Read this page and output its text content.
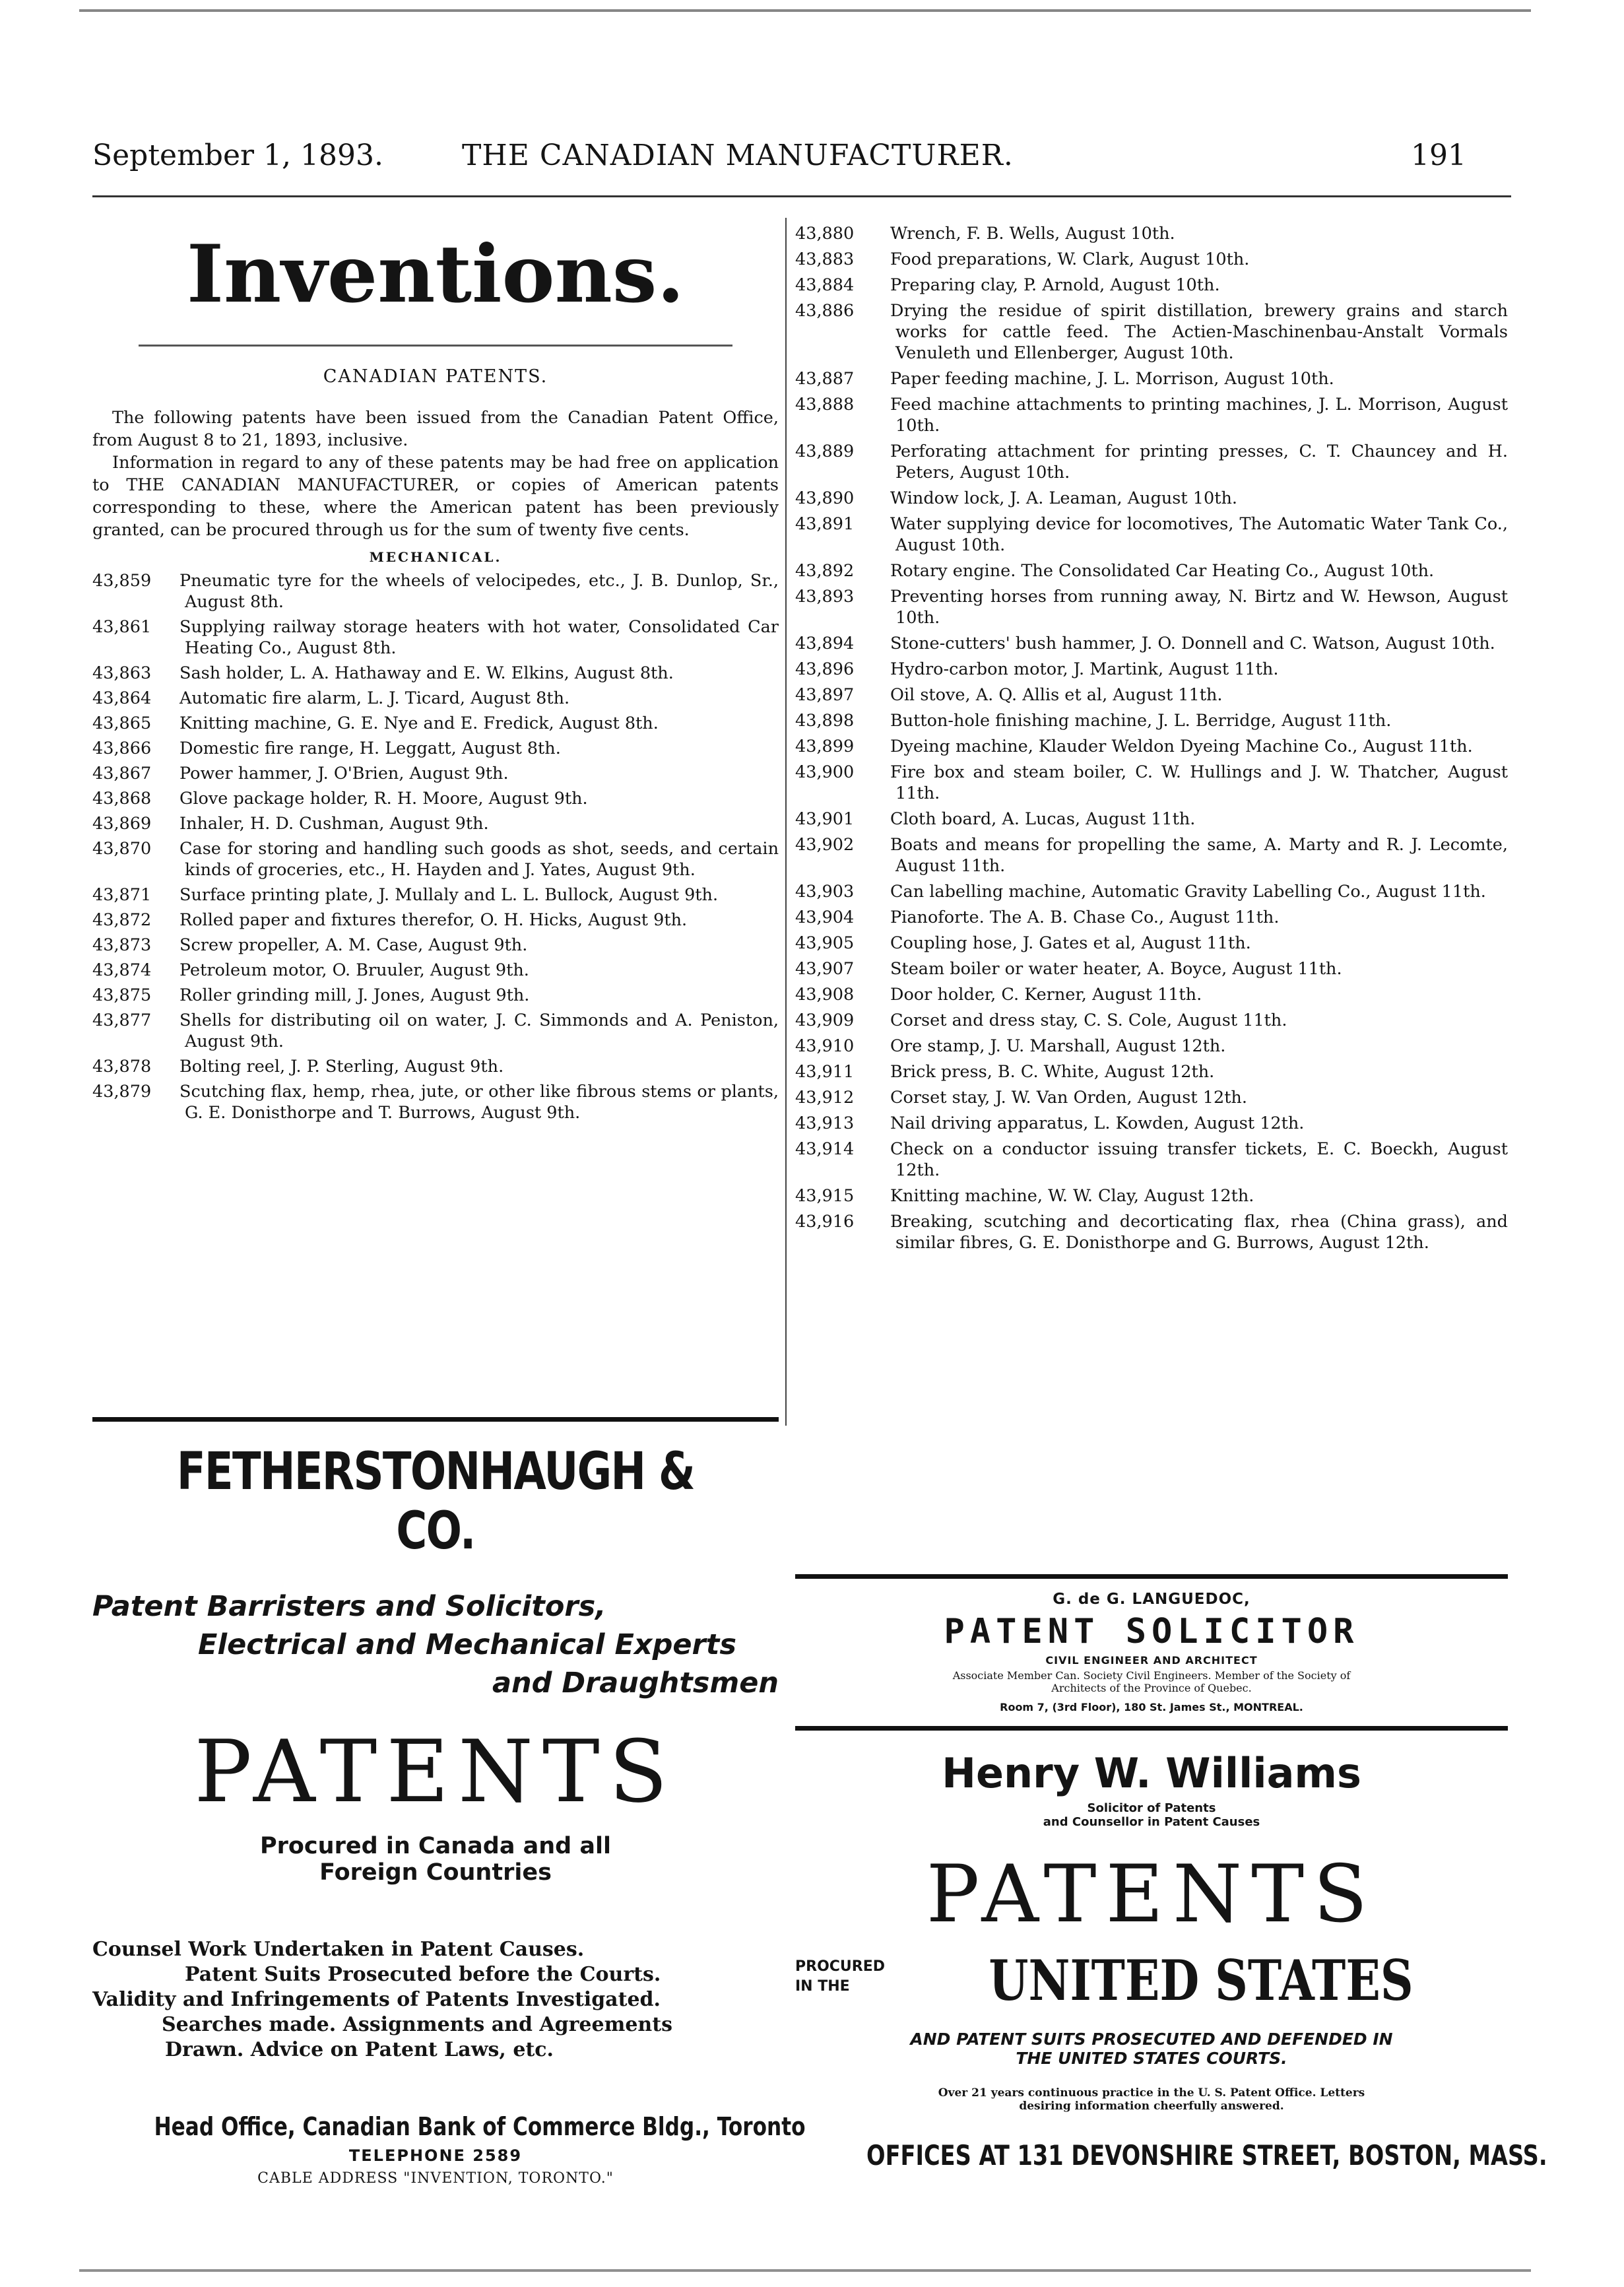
September 1, 1893.	THE CANADIAN MANUFACTURER.	191
Inventions.
CANADIAN PATENTS.

The following patents have been issued from the Canadian Patent Office, from August 8 to 21, 1893, inclusive.

Information in regard to any of these patents may be had free on application to THE CANADIAN MANUFACTURER, or copies of American patents corresponding to these, where the American patent has been previously granted, can be procured through us for the sum of twenty five cents.

MECHANICAL.

43,859 Pneumatic tyre for the wheels of velocipedes, etc., J. B. Dunlop, Sr., August 8th.

43,861 Supplying railway storage heaters with hot water, Consolidated Car Heating Co., August 8th.

43,863 Sash holder, L. A. Hathaway and E. W. Elkins, August 8th.

43,864 Automatic fire alarm, L. J. Ticard, August 8th.

43,865 Knitting machine, G. E. Nye and E. Fredick, August 8th.

43,866 Domestic fire range, H. Leggatt, August 8th.

43,867 Power hammer, J. O'Brien, August 9th.

43,868 Glove package holder, R. H. Moore, August 9th.

43,869 Inhaler, H. D. Cushman, August 9th.

43,870 Case for storing and handling such goods as shot, seeds, and certain kinds of groceries, etc., H. Hayden and J. Yates, August 9th.

43,871 Surface printing plate, J. Mullaly and L. L. Bullock, August 9th.

43,872 Rolled paper and fixtures therefor, O. H. Hicks, August 9th.

43,873 Screw propeller, A. M. Case, August 9th.

43,874 Petroleum motor, O. Bruuler, August 9th.

43,875 Roller grinding mill, J. Jones, August 9th.

43,877 Shells for distributing oil on water, J. C. Simmonds and A. Peniston, August 9th.

43,878 Bolting reel, J. P. Sterling, August 9th.

43,879 Scutching flax, hemp, rhea, jute, or other like fibrous stems or plants, G. E. Donisthorpe and T. Burrows, August 9th.

43,880 Wrench, F. B. Wells, August 10th.

43,883 Food preparations, W. Clark, August 10th.

43,884 Preparing clay, P. Arnold, August 10th.

43,886 Drying the residue of spirit distillation, brewery grains and starch works for cattle feed. The Actien-Maschinenbau-Anstalt Vormals Venuleth und Ellenberger, August 10th.

43,887 Paper feeding machine, J. L. Morrison, August 10th.

43,888 Feed machine attachments to printing machines, J. L. Morrison, August 10th.

43,889 Perforating attachment for printing presses, C. T. Chauncey and H. Peters, August 10th.

43,890 Window lock, J. A. Leaman, August 10th.

43,891 Water supplying device for locomotives, The Automatic Water Tank Co., August 10th.

43,892 Rotary engine. The Consolidated Car Heating Co., August 10th.

43,893 Preventing horses from running away, N. Birtz and W. Hewson, August 10th.

43,894 Stone-cutters' bush hammer, J. O. Donnell and C. Watson, August 10th.

43,896 Hydro-carbon motor, J. Martink, August 11th.

43,897 Oil stove, A. Q. Allis et al, August 11th.

43,898 Button-hole finishing machine, J. L. Berridge, August 11th.

43,899 Dyeing machine, Klauder Weldon Dyeing Machine Co., August 11th.

43,900 Fire box and steam boiler, C. W. Hullings and J. W. Thatcher, August 11th.

43,901 Cloth board, A. Lucas, August 11th.

43,902 Boats and means for propelling the same, A. Marty and R. J. Lecomte, August 11th.

43,903 Can labelling machine, Automatic Gravity Labelling Co., August 11th.

43,904 Pianoforte. The A. B. Chase Co., August 11th.

43,905 Coupling hose, J. Gates et al, August 11th.

43,907 Steam boiler or water heater, A. Boyce, August 11th.

43,908 Door holder, C. Kerner, August 11th.

43,909 Corset and dress stay, C. S. Cole, August 11th.

43,910 Ore stamp, J. U. Marshall, August 12th.

43,911 Brick press, B. C. White, August 12th.

43,912 Corset stay, J. W. Van Orden, August 12th.

43,913 Nail driving apparatus, L. Kowden, August 12th.

43,914 Check on a conductor issuing transfer tickets, E. C. Boeckh, August 12th.

43,915 Knitting machine, W. W. Clay, August 12th.

43,916 Breaking, scutching and decorticating flax, rhea (China grass), and similar fibres, G. E. Donisthorpe and G. Burrows, August 12th.

FETHERSTONHAUGH & CO.
Patent Barristers and Solicitors,
Electrical and Mechanical Experts
and Draughtsmen
PATENTS
Procured in Canada and all
Foreign Countries
Counsel Work Undertaken in Patent Causes.
Patent Suits Prosecuted before the Courts.
Validity and Infringements of Patents Investigated.
Searches made. Assignments and Agreements
Drawn. Advice on Patent Laws, etc.
Head Office, Canadian Bank of Commerce Bldg., Toronto
TELEPHONE 2589
CABLE ADDRESS "INVENTION, TORONTO."
G. de G. LANGUEDOC,
PATENT SOLICITOR
CIVIL ENGINEER AND ARCHITECT
Associate Member Can. Society Civil Engineers. Member of the Society of
Architects of the Province of Quebec.
Room 7, (3rd Floor), 180 St. James St., MONTREAL.
Henry W. Williams
Solicitor of Patents
and Counsellor in Patent Causes
PATENTS
PROCURED
IN THE	UNITED STATES
AND PATENT SUITS PROSECUTED AND DEFENDED IN
THE UNITED STATES COURTS.
Over 21 years continuous practice in the U. S. Patent Office. Letters
desiring information cheerfully answered.
OFFICES AT 131 DEVONSHIRE STREET, BOSTON, MASS.
